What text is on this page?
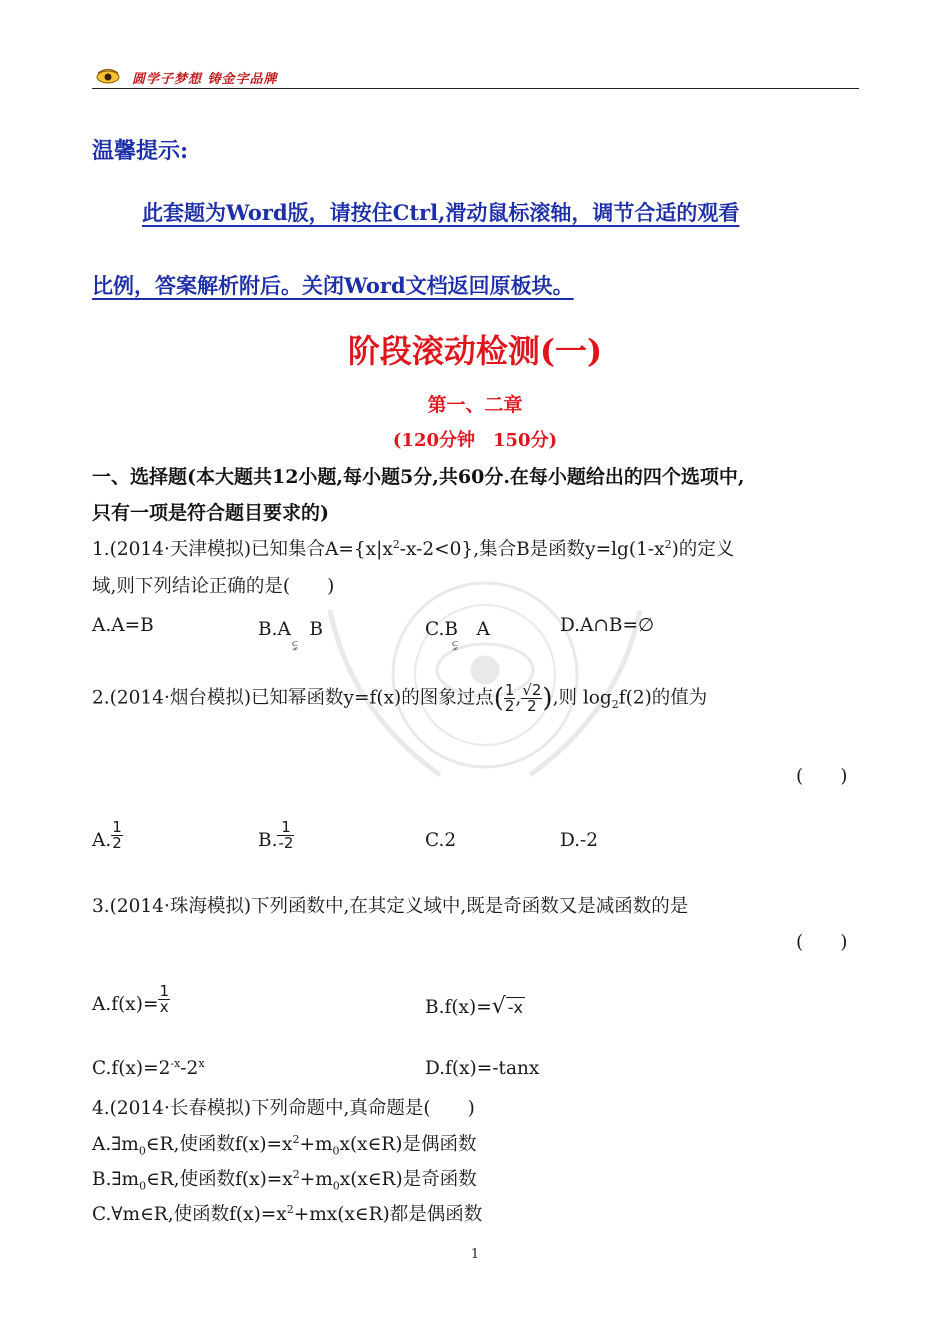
圆学子梦想 铸金字品牌
温馨提示:
此套题为Word版，请按住Ctrl,滑动鼠标滚轴，调节合适的观看
比例，答案解析附后。关闭Word文档返回原板块。
阶段滚动检测(一)
第一、二章
(120分钟　150分)
一、选择题(本大题共12小题,每小题5分,共60分.在每小题给出的四个选项中,
只有一项是符合题目要求的)
1.(2014·天津模拟)已知集合$A=\{x|x^2-x-2<0\}$,集合B是函数$y=\lg(1-x^2)$的定义
域,则下列结论正确的是(　　)
A.A=B	B.A　B
⫋
C.B　A
⫋
D.A∩B=∅
2.(2014·烟台模拟)已知幂函数y=f(x)的图象过点( $\frac{1}{2}$ , $\frac{√2}{2}$ ),则 $\log_2f(2)$的值为
(　　)
A. $\frac{1}{2}$	B. $\frac{1}{-2}$	C.2	D.-2
3.(2014·珠海模拟)下列函数中,在其定义域中,既是奇函数又是减函数的是
(　　)
$A.f(x)= \frac{1}{x}$	B.f(x)=√ -x
$C.f(x)=2^{-x}-2^x$	D.f(x)=-tanx
4.(2014·长春模拟)下列命题中,真命题是(　　)
$A.\exists m_0\in R$,使函数$f(x)=x^2+m_0x(x\in R)$是偶函数
$B.\exists m_0\in R$,使函数$f(x)=x^2+m_0x(x\in R)$是奇函数
C.∀m∈R,使函数$f(x)=x^2+mx(x\in R)$都是偶函数
1
